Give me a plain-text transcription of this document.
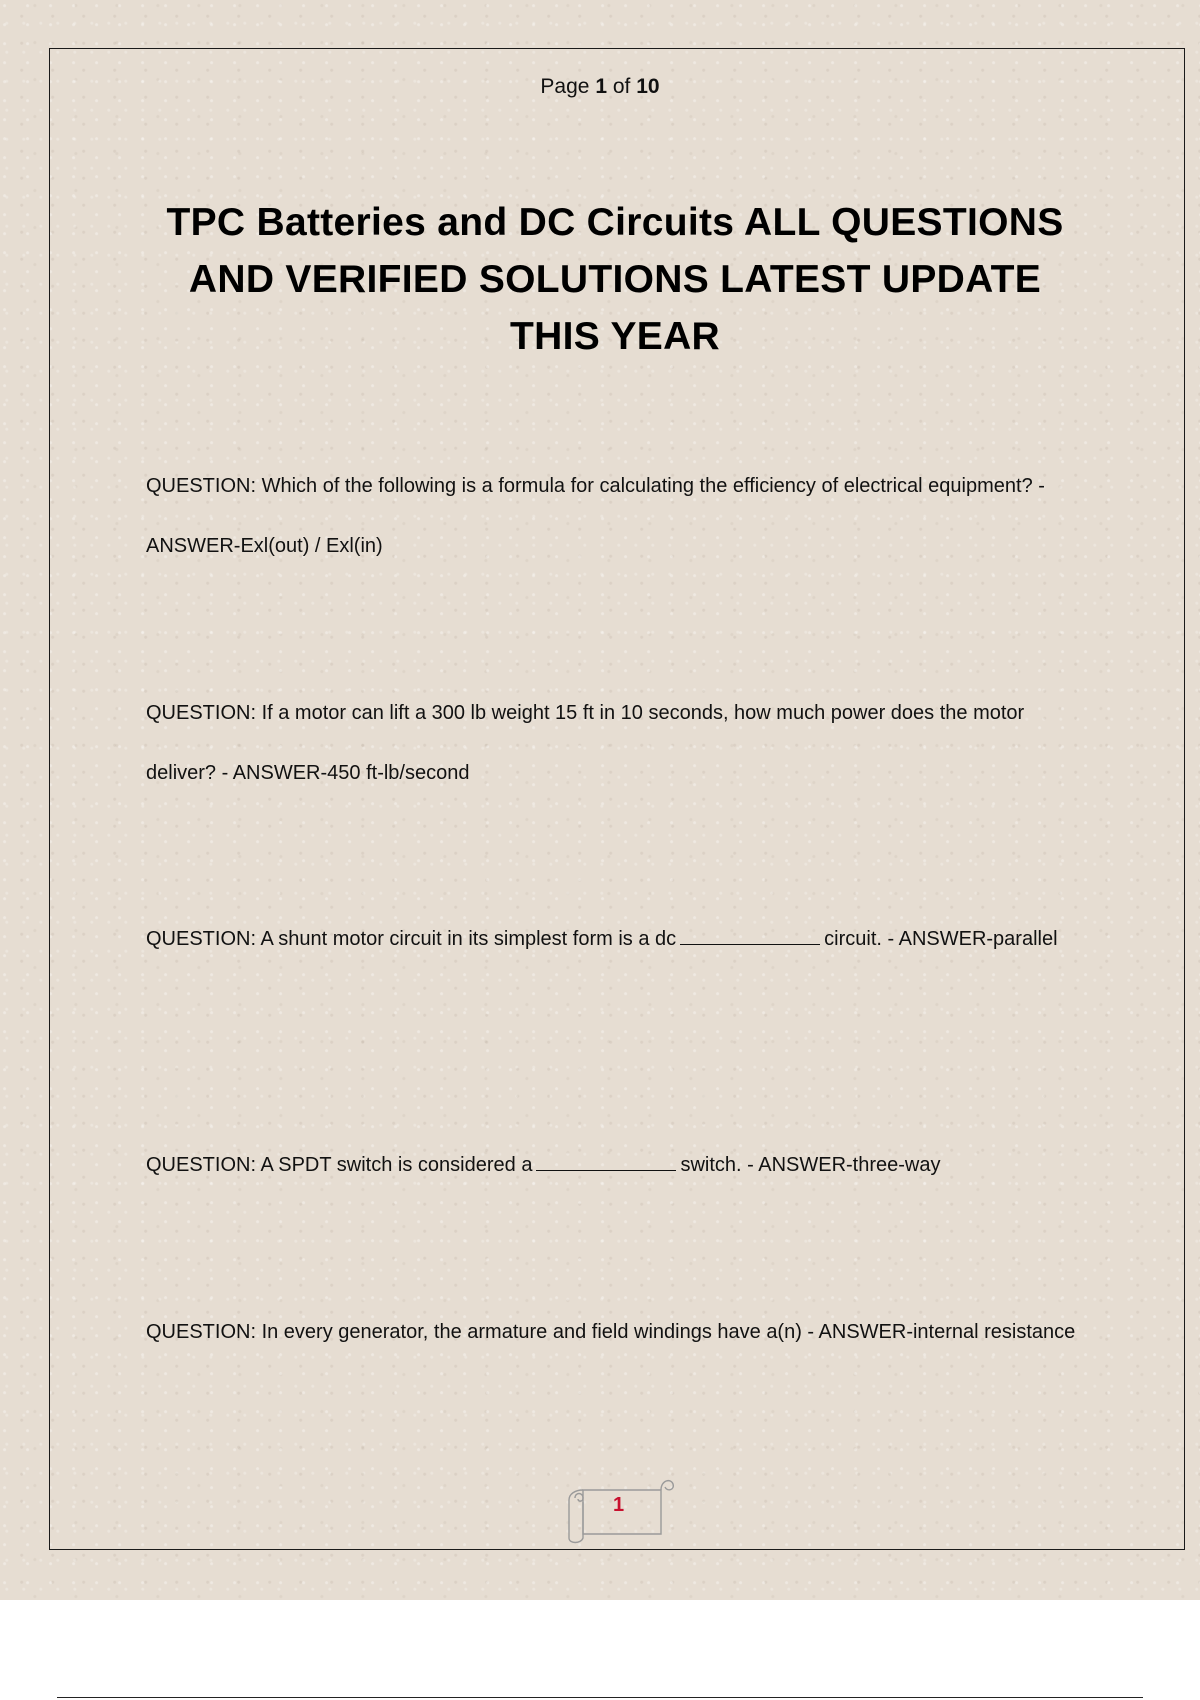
Page 1 of 10
TPC Batteries and DC Circuits ALL QUESTIONS AND VERIFIED SOLUTIONS LATEST UPDATE THIS YEAR
QUESTION: Which of the following is a formula for calculating the efficiency of electrical equipment? - ANSWER-Exl(out) / Exl(in)
QUESTION: If a motor can lift a 300 lb weight 15 ft in 10 seconds, how much power does the motor deliver? - ANSWER-450 ft-lb/second
QUESTION: A shunt motor circuit in its simplest form is a dc	circuit. - ANSWER-parallel
QUESTION: A SPDT switch is considered a	switch. - ANSWER-three-way
QUESTION: In every generator, the armature and field windings have a(n) - ANSWER-internal resistance
1
